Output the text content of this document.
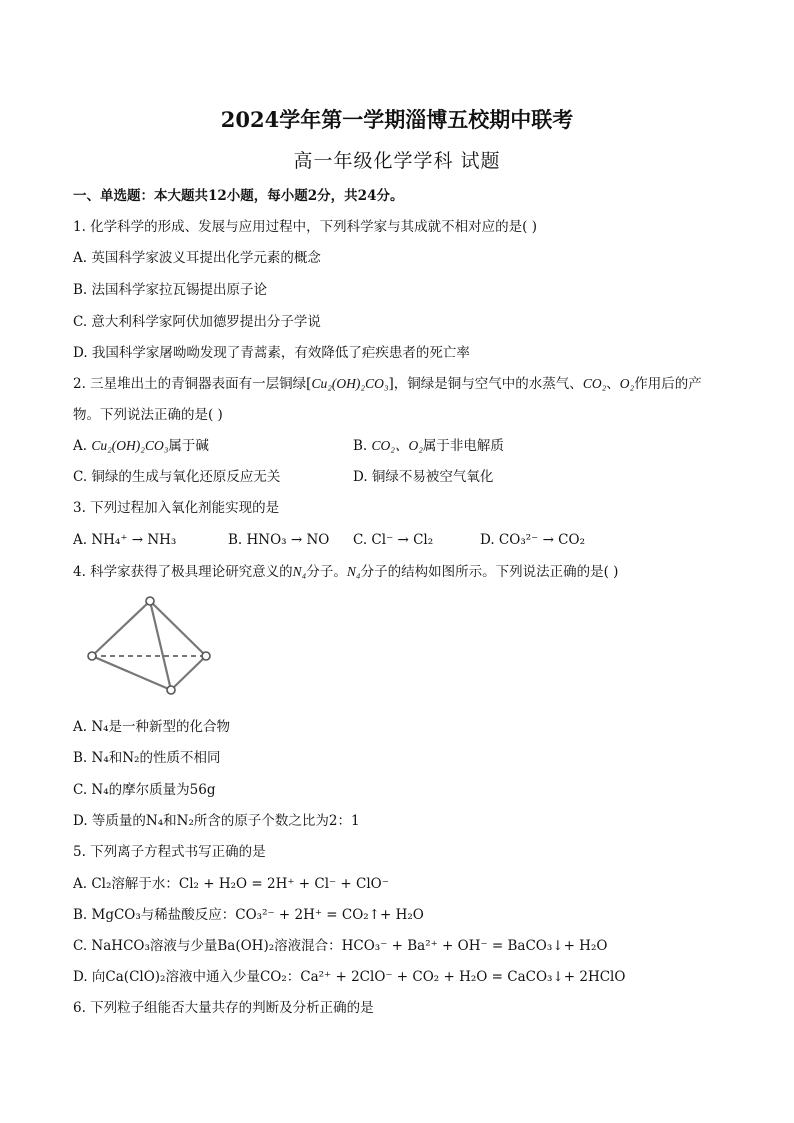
2024学年第一学期淄博五校期中联考
高一年级化学学科 试题
一、单选题：本大题共12小题，每小题2分，共24分。
1. 化学科学的形成、发展与应用过程中，下列科学家与其成就不相对应的是( )
A. 英国科学家波义耳提出化学元素的概念
B. 法国科学家拉瓦锡提出原子论
C. 意大利科学家阿伏加德罗提出分子学说
D. 我国科学家屠呦呦发现了青蒿素，有效降低了疟疾患者的死亡率
2. 三星堆出土的青铜器表面有一层铜绿[Cu₂(OH)₂CO₃]，铜绿是铜与空气中的水蒸气、CO₂、O₂作用后的产
物。下列说法正确的是( )
A. Cu₂(OH)₂CO₃属于碱	B. CO₂、O₂属于非电解质
C. 铜绿的生成与氧化还原反应无关	D. 铜绿不易被空气氧化
3. 下列过程加入氧化剂能实现的是
A. NH₄⁺ → NH₃	B. HNO₃ → NO C. Cl⁻ → Cl₂	D. CO₃²⁻ → CO₂
4. 科学家获得了极具理论研究意义的N₄分子。N₄分子的结构如图所示。下列说法正确的是( )
A. N₄是一种新型的化合物
B. N₄和N₂的性质不相同
C. N₄的摩尔质量为56g
D. 等质量的N₄和N₂所含的原子个数之比为2：1
5. 下列离子方程式书写正确的是
A. Cl₂溶解于水：Cl₂ + H₂O = 2H⁺ + Cl⁻ + ClO⁻
B. MgCO₃与稀盐酸反应：CO₃²⁻ + 2H⁺ = CO₂↑+ H₂O
C. NaHCO₃溶液与少量Ba(OH)₂溶液混合：HCO₃⁻ + Ba²⁺ + OH⁻ = BaCO₃↓+ H₂O
D. 向Ca(ClO)₂溶液中通入少量CO₂：Ca²⁺ + 2ClO⁻ + CO₂ + H₂O = CaCO₃↓+ 2HClO
6. 下列粒子组能否大量共存的判断及分析正确的是
